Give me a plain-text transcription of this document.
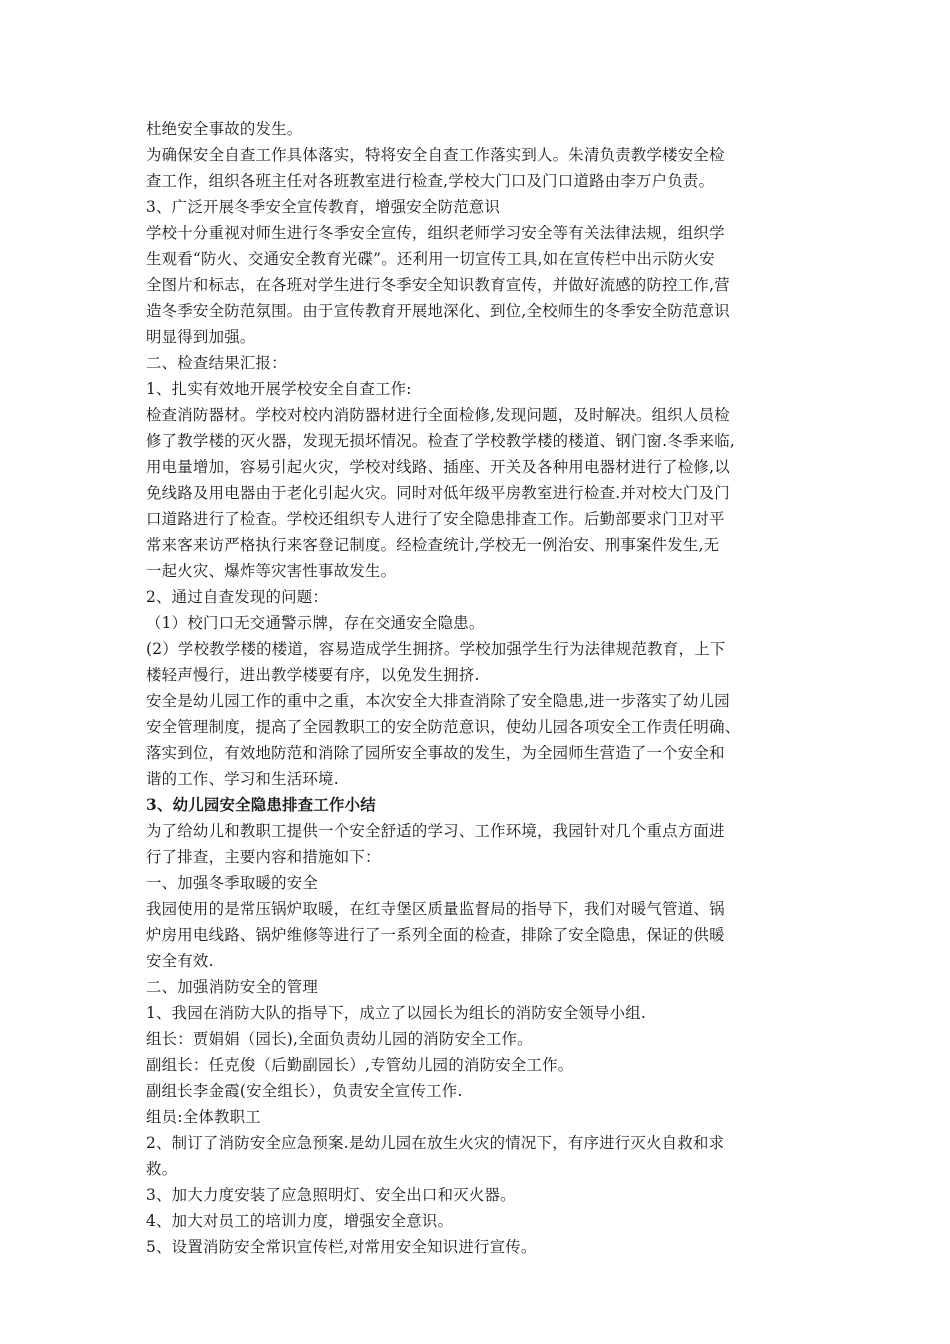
杜绝安全事故的发生。
为确保安全自查工作具体落实，特将安全自查工作落实到人。朱清负责教学楼安全检
查工作，组织各班主任对各班教室进行检查,学校大门口及门口道路由李万户负责。
3、广泛开展冬季安全宣传教育，增强安全防范意识
学校十分重视对师生进行冬季安全宣传，组织老师学习安全等有关法律法规，组织学
生观看“防火、交通安全教育光碟”。还利用一切宣传工具,如在宣传栏中出示防火安
全图片和标志，在各班对学生进行冬季安全知识教育宣传，并做好流感的防控工作,营
造冬季安全防范氛围。由于宣传教育开展地深化、到位,全校师生的冬季安全防范意识
明显得到加强。
二、检查结果汇报：
1、扎实有效地开展学校安全自查工作:
检查消防器材。学校对校内消防器材进行全面检修,发现问题，及时解决。组织人员检
修了教学楼的灭火器，发现无损坏情况。检查了学校教学楼的楼道、钢门窗.冬季来临,
用电量增加，容易引起火灾，学校对线路、插座、开关及各种用电器材进行了检修,以
免线路及用电器由于老化引起火灾。同时对低年级平房教室进行检查.并对校大门及门
口道路进行了检查。学校还组织专人进行了安全隐患排查工作。后勤部要求门卫对平
常来客来访严格执行来客登记制度。经检查统计,学校无一例治安、刑事案件发生,无
一起火灾、爆炸等灾害性事故发生。
2、通过自查发现的问题：
（1）校门口无交通警示牌，存在交通安全隐患。
(2）学校教学楼的楼道，容易造成学生拥挤。学校加强学生行为法律规范教育，上下
楼轻声慢行，进出教学楼要有序，以免发生拥挤.
安全是幼儿园工作的重中之重，本次安全大排查消除了安全隐患,进一步落实了幼儿园
安全管理制度，提高了全园教职工的安全防范意识，使幼儿园各项安全工作责任明确、
落实到位，有效地防范和消除了园所安全事故的发生，为全园师生营造了一个安全和
谐的工作、学习和生活环境.
3、幼儿园安全隐患排查工作小结
为了给幼儿和教职工提供一个安全舒适的学习、工作环境，我园针对几个重点方面进
行了排查，主要内容和措施如下：
一、加强冬季取暖的安全
我园使用的是常压锅炉取暖，在红寺堡区质量监督局的指导下，我们对暖气管道、锅
炉房用电线路、锅炉维修等进行了一系列全面的检查，排除了安全隐患，保证的供暖
安全有效.
二、加强消防安全的管理
1、我园在消防大队的指导下，成立了以园长为组长的消防安全领导小组.
组长：贾娟娟（园长),全面负责幼儿园的消防安全工作。
副组长：任克俊（后勤副园长）,专管幼儿园的消防安全工作。
副组长李金霞(安全组长），负责安全宣传工作.
组员:全体教职工
2、制订了消防安全应急预案.是幼儿园在放生火灾的情况下，有序进行灭火自救和求
救。
3、加大力度安装了应急照明灯、安全出口和灭火器。
4、加大对员工的培训力度，增强安全意识。
5、设置消防安全常识宣传栏,对常用安全知识进行宣传。
